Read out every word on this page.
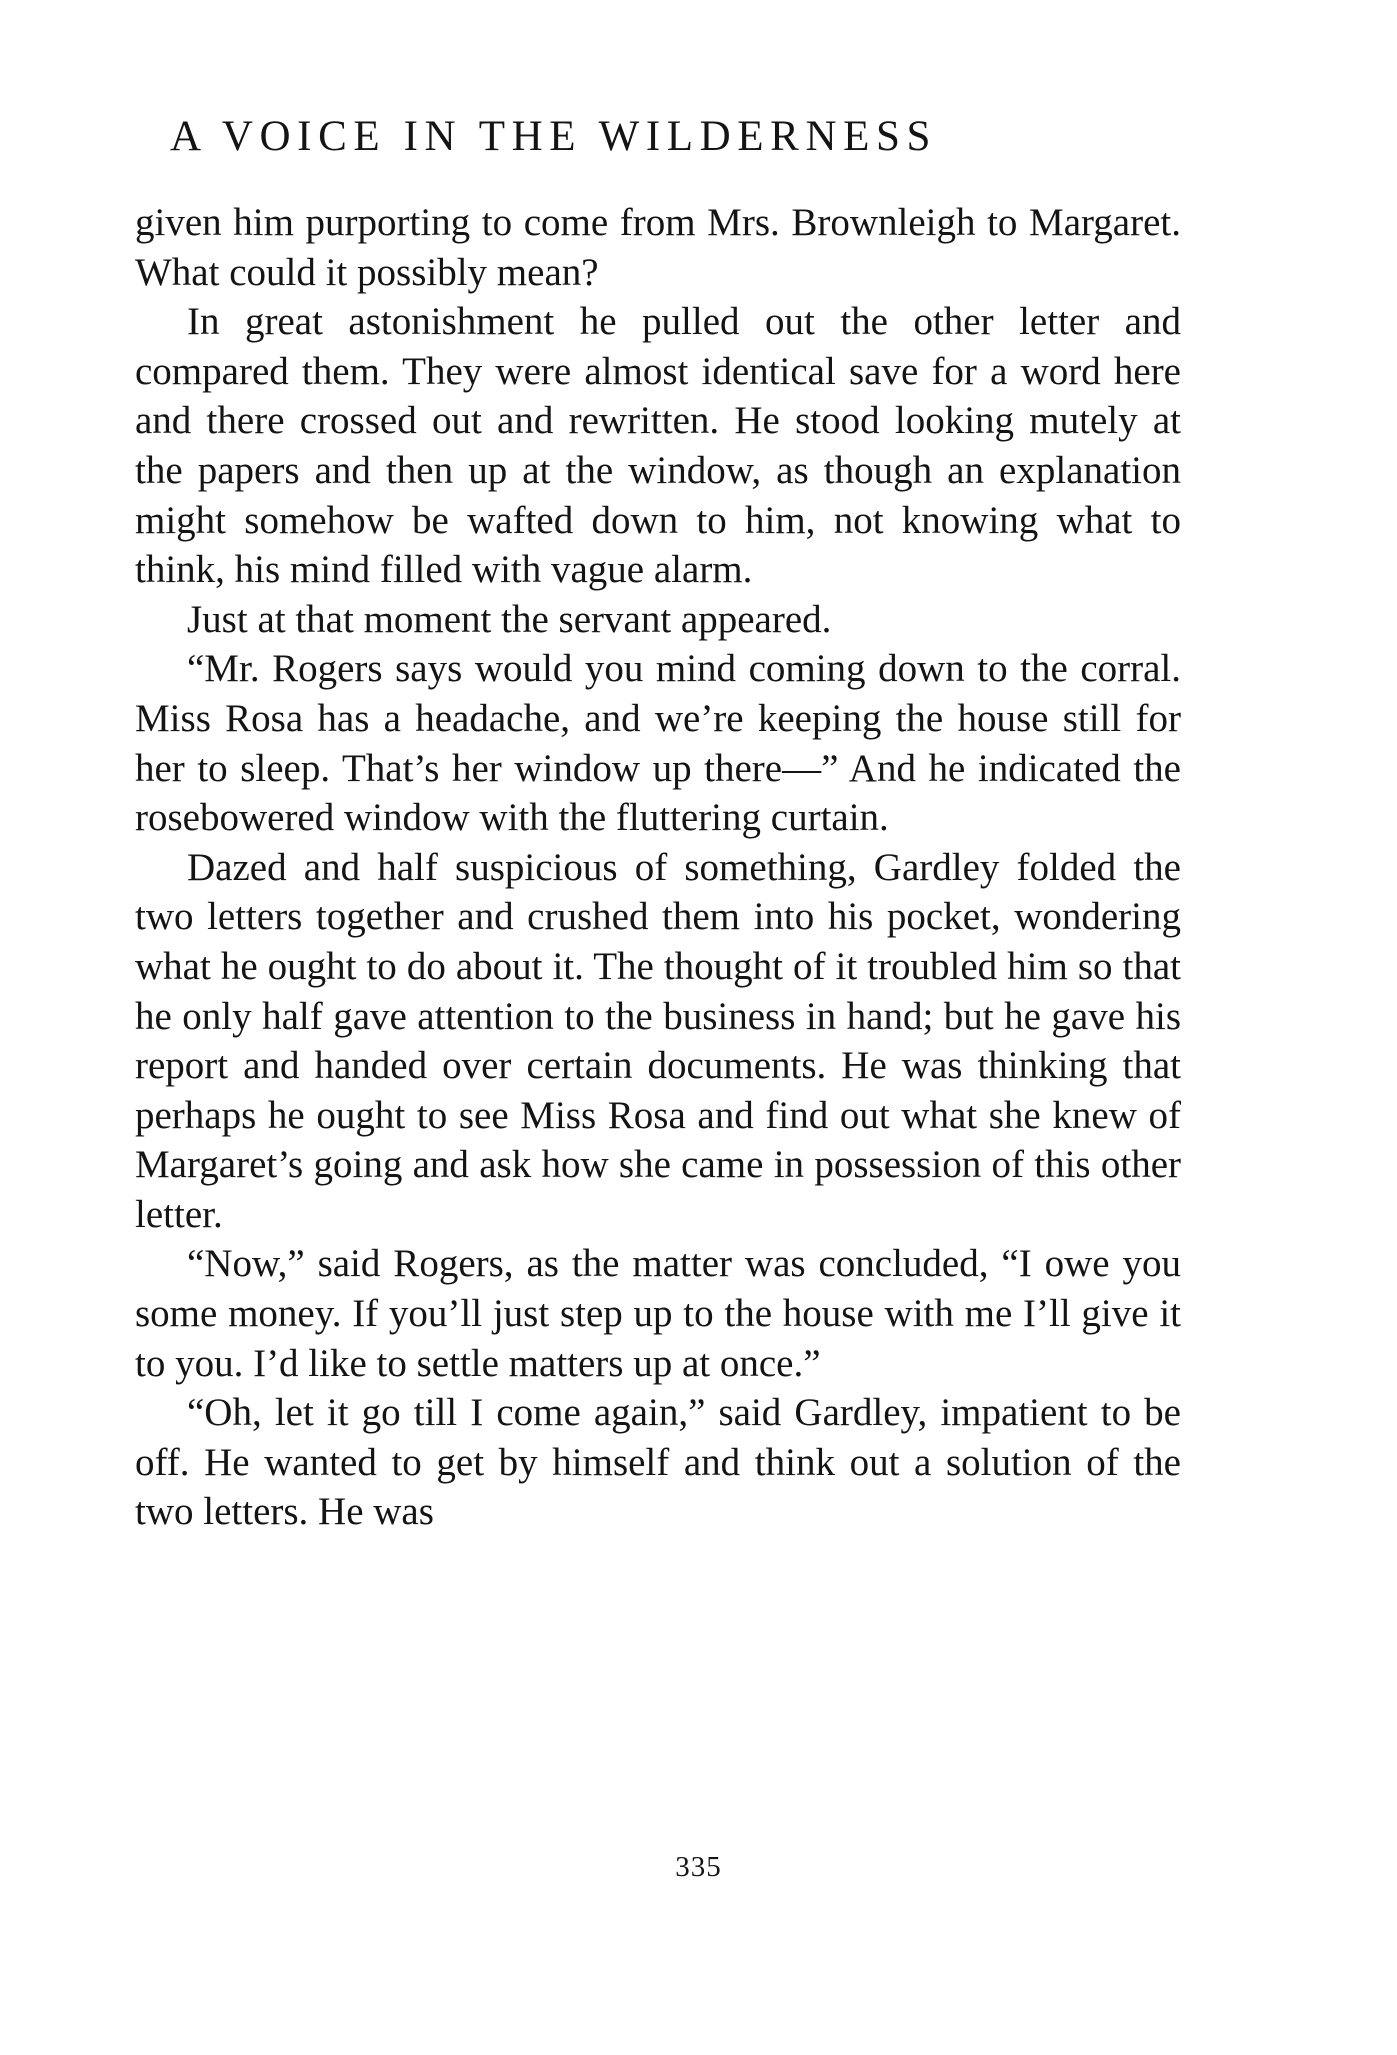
A VOICE IN THE WILDERNESS

given him purporting to come from Mrs. Brownleigh to Margaret. What could it possibly mean?

In great astonishment he pulled out the other letter and compared them. They were almost identical save for a word here and there crossed out and rewritten. He stood looking mutely at the papers and then up at the window, as though an explanation might somehow be wafted down to him, not knowing what to think, his mind filled with vague alarm.

Just at that moment the servant appeared.

“Mr. Rogers says would you mind coming down to the corral. Miss Rosa has a headache, and we’re keeping the house still for her to sleep. That’s her window up there—” And he indicated the rosebowered window with the fluttering curtain.

Dazed and half suspicious of something, Gardley folded the two letters together and crushed them into his pocket, wondering what he ought to do about it. The thought of it troubled him so that he only half gave attention to the business in hand; but he gave his report and handed over certain documents. He was thinking that perhaps he ought to see Miss Rosa and find out what she knew of Margaret’s going and ask how she came in possession of this other letter.

“Now,” said Rogers, as the matter was concluded, “I owe you some money. If you’ll just step up to the house with me I’ll give it to you. I’d like to settle matters up at once.”

“Oh, let it go till I come again,” said Gardley, impatient to be off. He wanted to get by himself and think out a solution of the two letters. He was

335
